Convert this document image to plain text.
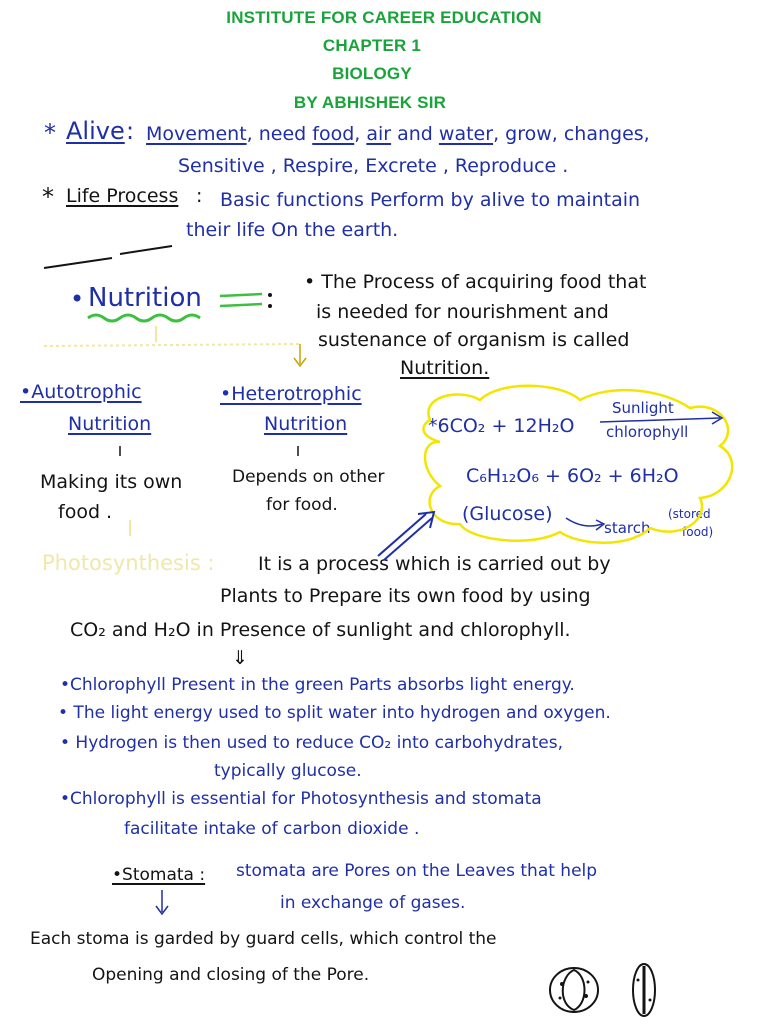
INSTITUTE FOR CAREER EDUCATION
CHAPTER 1
BIOLOGY
BY ABHISHEK SIR
* Alive : Movement, need food, air and water, grow, changes,
Sensitive , Respire, Excrete , Reproduce .
* Life Process : Basic functions Perform by alive to maintain
their life On the earth.
• Nutrition
• The Process of acquiring food that
is needed for nourishment and
sustenance of organism is called
Nutrition.
•Autotrophic
Nutrition
Making its own
food .
•Heterotrophic
Nutrition
Depends on other
for food.
*6CO₂ + 12H₂O
Sunlight
chlorophyll
C₆H₁₂O₆ + 6O₂ + 6H₂O
(Glucose)
starch
(stored
food)
Photosynthesis : It is a process which is carried out by
Plants to Prepare its own food by using
CO₂ and H₂O in Presence of sunlight and chlorophyll.
⇓
•Chlorophyll Present in the green Parts absorbs light energy.
• The light energy used to split water into hydrogen and oxygen.
• Hydrogen is then used to reduce CO₂ into carbohydrates,
typically glucose.
•Chlorophyll is essential for Photosynthesis and stomata
facilitate intake of carbon dioxide .
•Stomata : stomata are Pores on the Leaves that help
in exchange of gases.
Each stoma is garded by guard cells, which control the
Opening and closing of the Pore.
